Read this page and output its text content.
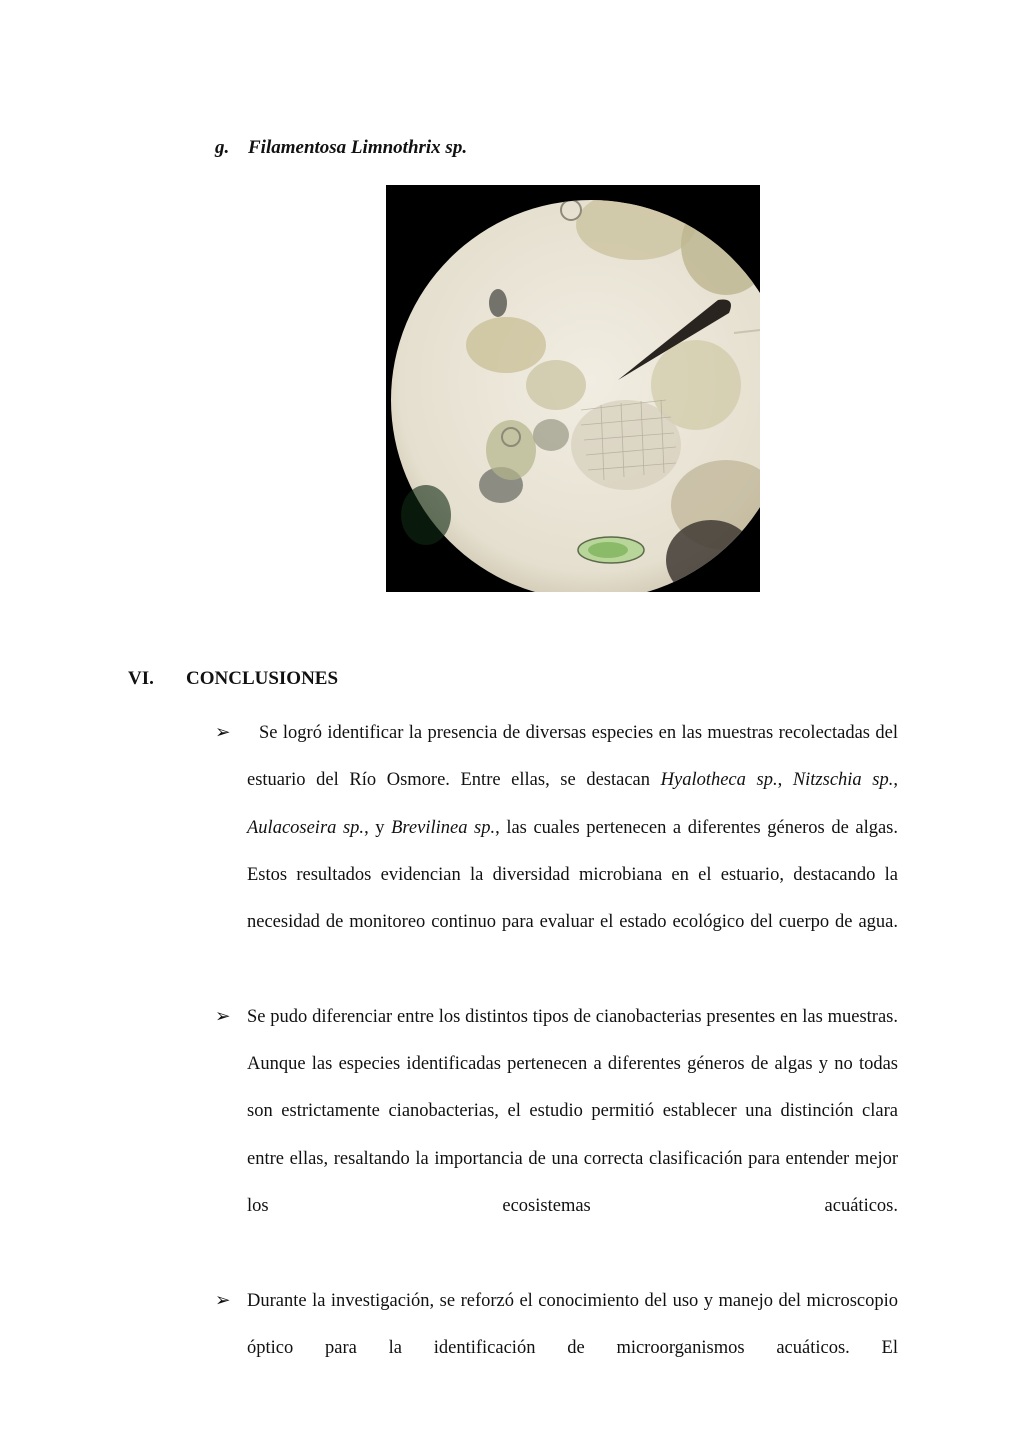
g. Filamentosa Limnothrix sp.
VI. CONCLUSIONES
➢	Se logró identificar la presencia de diversas especies en las muestras recolectadas del estuario del Río Osmore. Entre ellas, se destacan Hyalotheca sp., Nitzschia sp., Aulacoseira sp., y Brevilinea sp., las cuales pertenecen a diferentes géneros de algas. Estos resultados evidencian la diversidad microbiana en el estuario, destacando la necesidad de monitoreo continuo para evaluar el estado ecológico del cuerpo de agua.

➢ Se pudo diferenciar entre los distintos tipos de cianobacterias presentes en las muestras. Aunque las especies identificadas pertenecen a diferentes géneros de algas y no todas son estrictamente cianobacterias, el estudio permitió establecer una distinción clara entre ellas, resaltando la importancia de una correcta clasificación para entender mejor los ecosistemas acuáticos.

➢ Durante la investigación, se reforzó el conocimiento del uso y manejo del microscopio óptico para la identificación de microorganismos acuáticos. El
